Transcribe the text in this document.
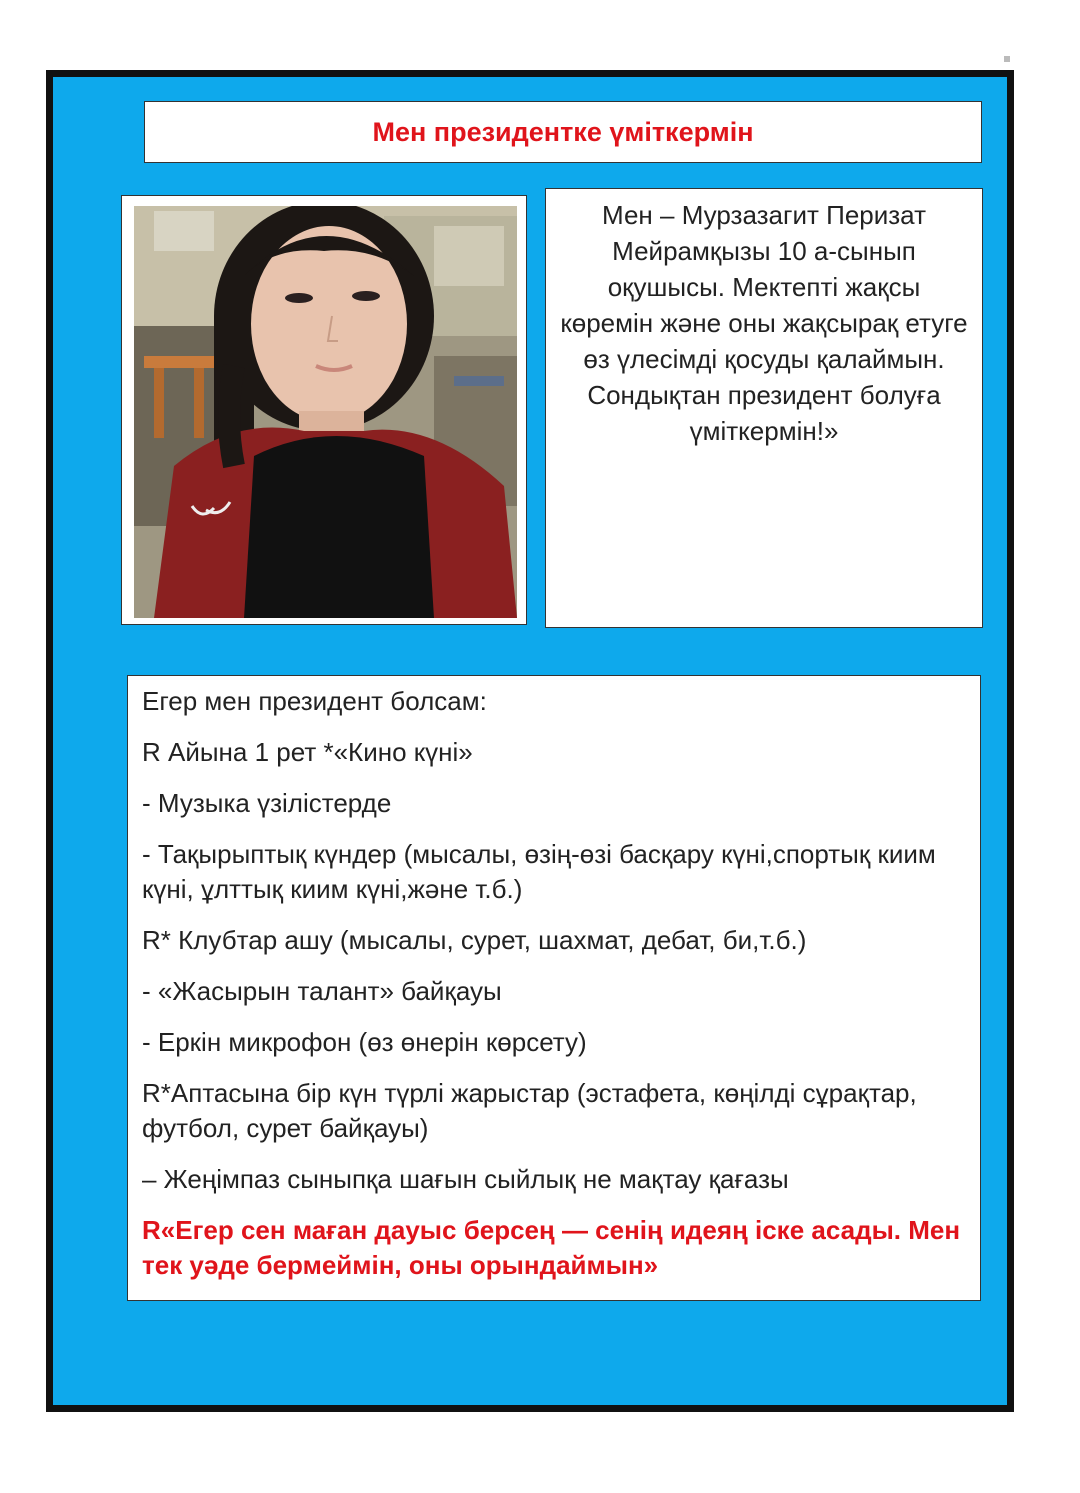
Мен президентке үміткермін
Мен – Мурзазагит Перизат Мейрамқызы 10 а-сынып оқушысы. Мектепті жақсы көремін және оны жақсырақ етуге өз үлесімді қосуды қалаймын. Сондықтан президент болуға үміткермін!»

Егер мен президент болсам:

R Айына 1 рет *«Кино күні»

- Музыка үзілістерде

- Тақырыптық күндер (мысалы, өзің-өзі басқару күні,спортық киим күні, ұлттық киим күні,және т.б.)

R* Клубтар ашу (мысалы, сурет, шахмат, дебат, би,т.б.)

- «Жасырын талант» байқауы

- Еркін микрофон (өз өнерін көрсету)

R*Аптасына бір күн түрлі жарыстар (эстафета, көңілді сұрақтар, футбол, сурет байқауы)

– Жеңімпаз сыныпқа шағын сыйлық не мақтау қағазы

R«Егер сен маған дауыс берсең — сенің идеяң іске асады. Мен тек уәде бермеймін, оны орындаймын»
